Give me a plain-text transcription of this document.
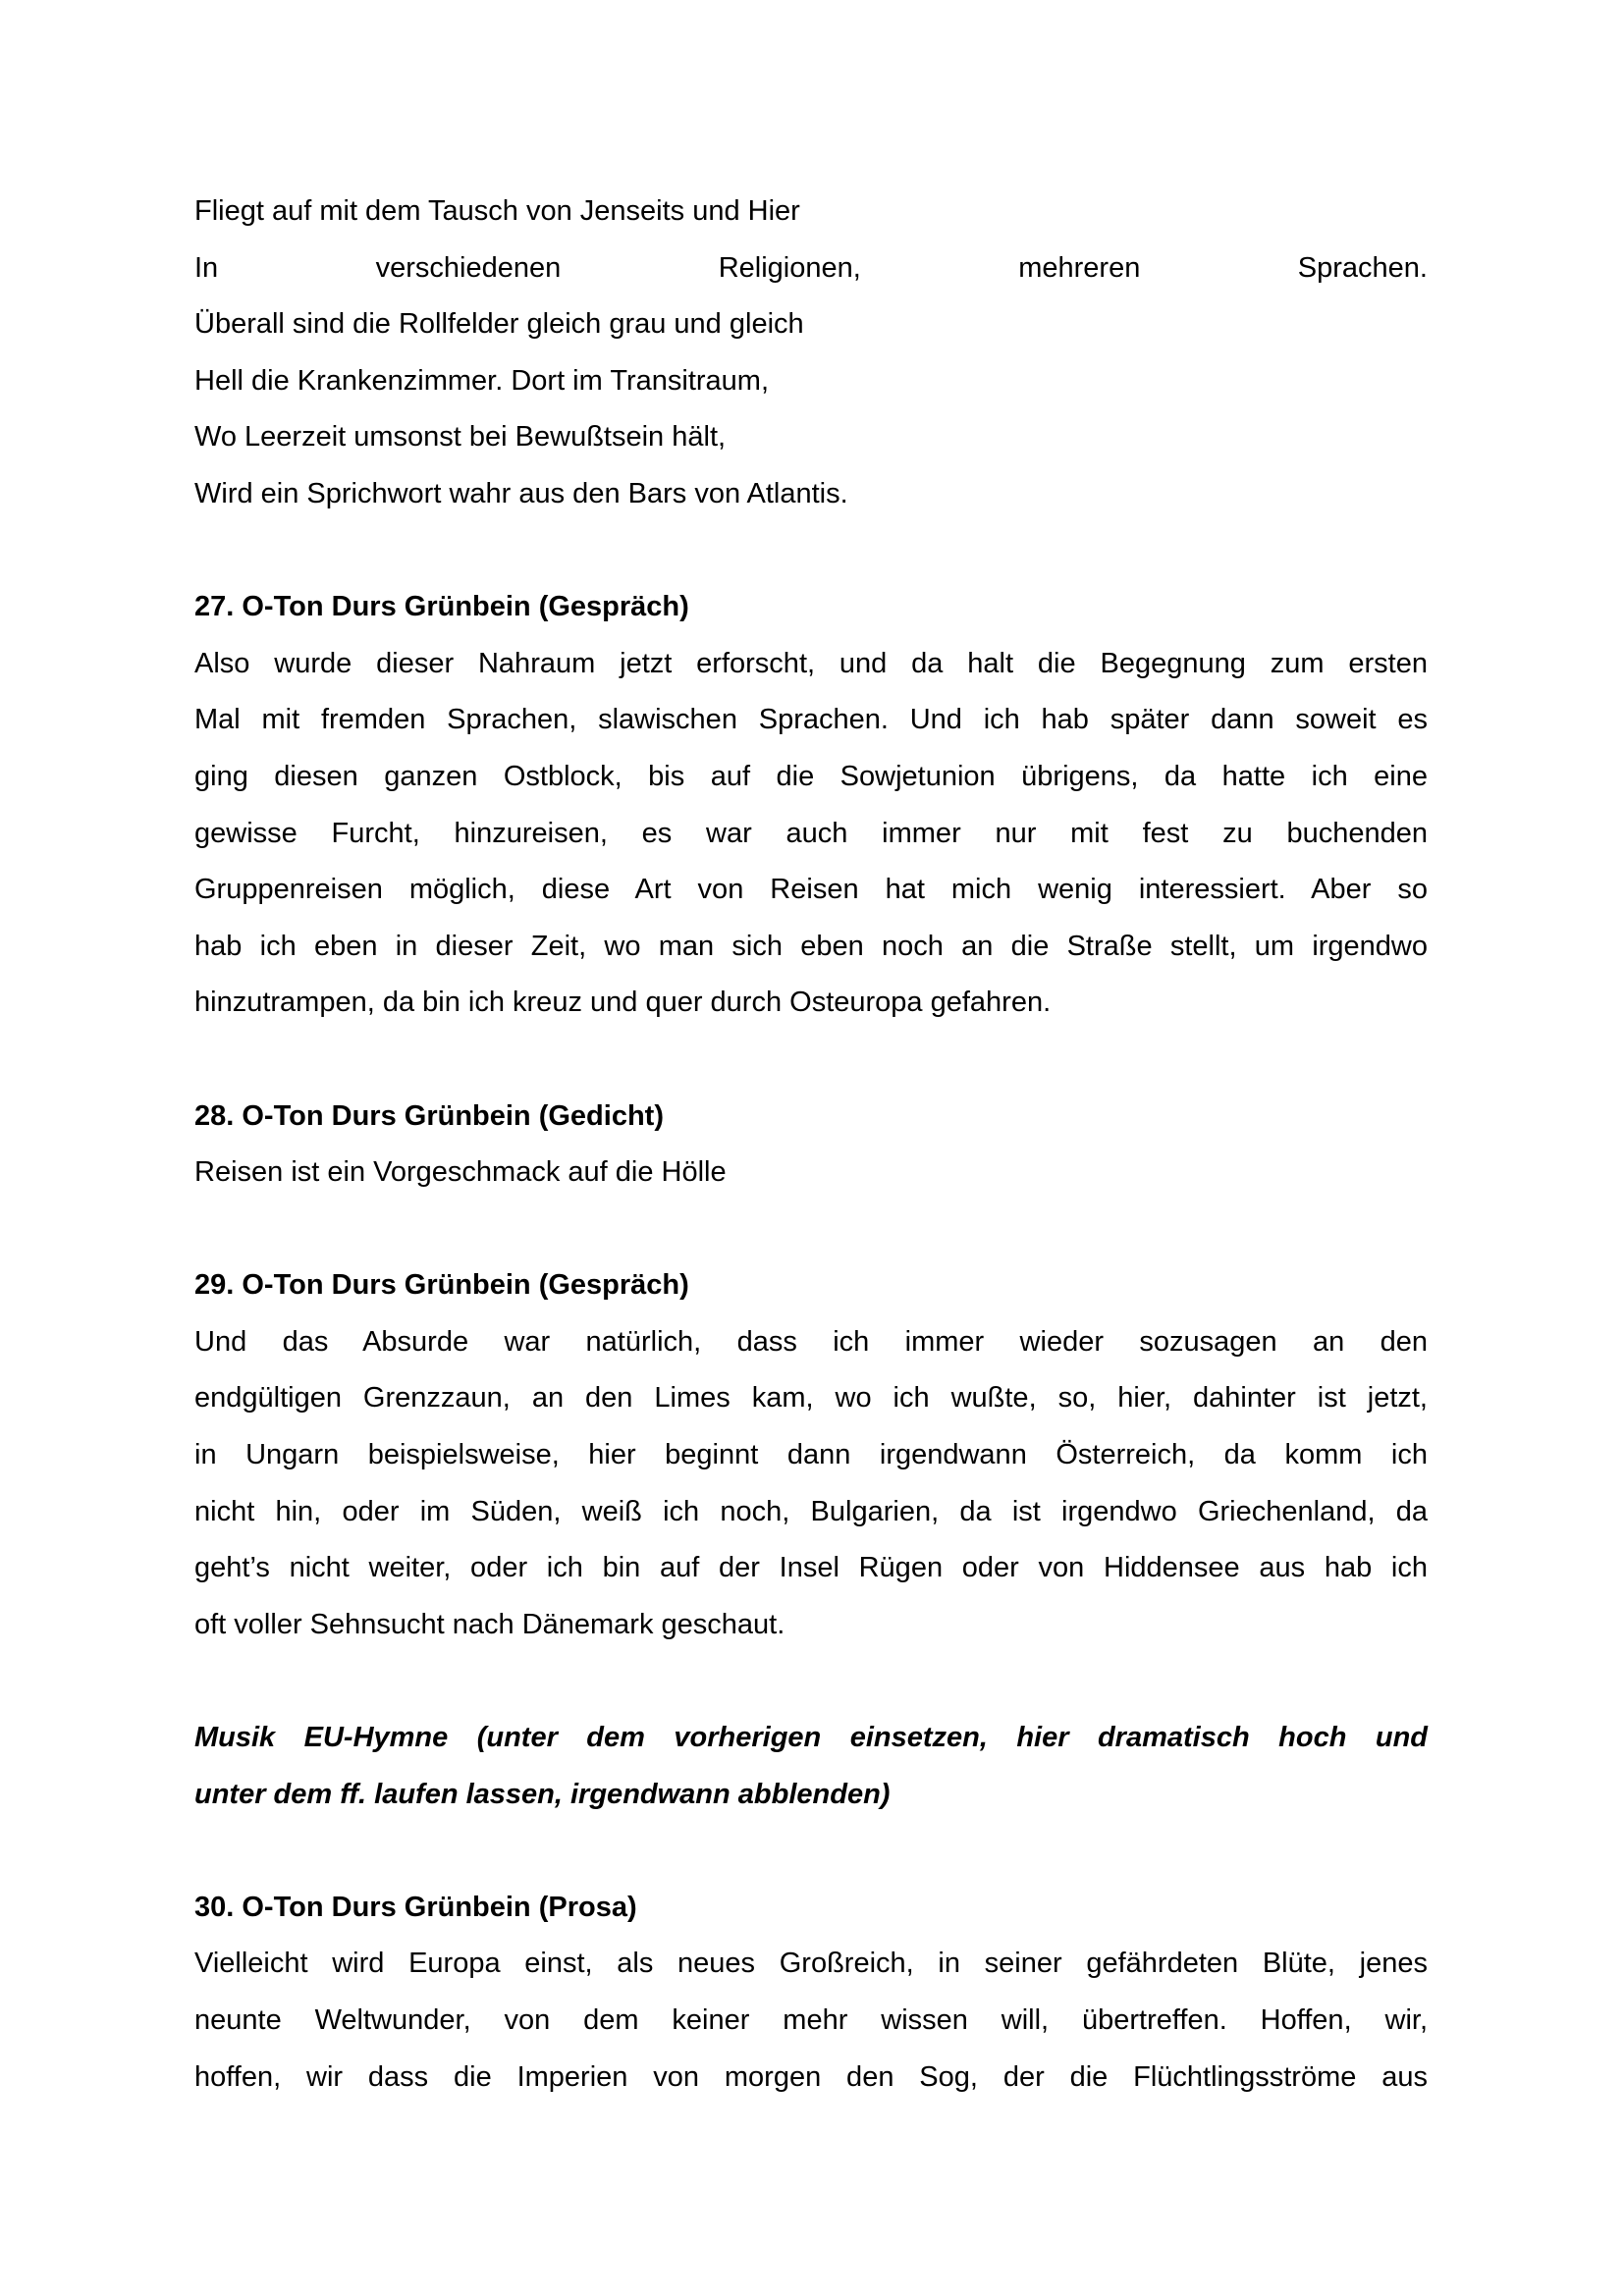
Fliegt auf mit dem Tausch von Jenseits und Hier
In verschiedenen Religionen, mehreren Sprachen.
Überall sind die Rollfelder gleich grau und gleich
Hell die Krankenzimmer. Dort im Transitraum,
Wo Leerzeit umsonst bei Bewußtsein hält,
Wird ein Sprichwort wahr aus den Bars von Atlantis.
27. O-Ton Durs Grünbein (Gespräch)
Also wurde dieser Nahraum jetzt erforscht, und da halt die Begegnung zum ersten
Mal mit fremden Sprachen, slawischen Sprachen. Und ich hab später dann soweit es
ging diesen ganzen Ostblock, bis auf die Sowjetunion übrigens, da hatte ich eine
gewisse Furcht, hinzureisen, es war auch immer nur mit fest zu buchenden
Gruppenreisen möglich, diese Art von Reisen hat mich wenig interessiert. Aber so
hab ich eben in dieser Zeit, wo man sich eben noch an die Straße stellt, um irgendwo
hinzutrampen, da bin ich kreuz und quer durch Osteuropa gefahren.
28. O-Ton Durs Grünbein (Gedicht)
Reisen ist ein Vorgeschmack auf die Hölle
29. O-Ton Durs Grünbein (Gespräch)
Und das Absurde war natürlich, dass ich immer wieder sozusagen an den
endgültigen Grenzzaun, an den Limes kam, wo ich wußte, so, hier, dahinter ist jetzt,
in Ungarn beispielsweise, hier beginnt dann irgendwann Österreich, da komm ich
nicht hin, oder im Süden, weiß ich noch, Bulgarien, da ist irgendwo Griechenland, da
geht’s nicht weiter, oder ich bin auf der Insel Rügen oder von Hiddensee aus hab ich
oft voller Sehnsucht nach Dänemark geschaut.
Musik EU-Hymne (unter dem vorherigen einsetzen, hier dramatisch hoch und
unter dem ff. laufen lassen, irgendwann abblenden)
30. O-Ton Durs Grünbein (Prosa)
Vielleicht wird Europa einst, als neues Großreich, in seiner gefährdeten Blüte, jenes
neunte Weltwunder, von dem keiner mehr wissen will, übertreffen. Hoffen, wir,
hoffen, wir dass die Imperien von morgen den Sog, der die Flüchtlingsströme aus
